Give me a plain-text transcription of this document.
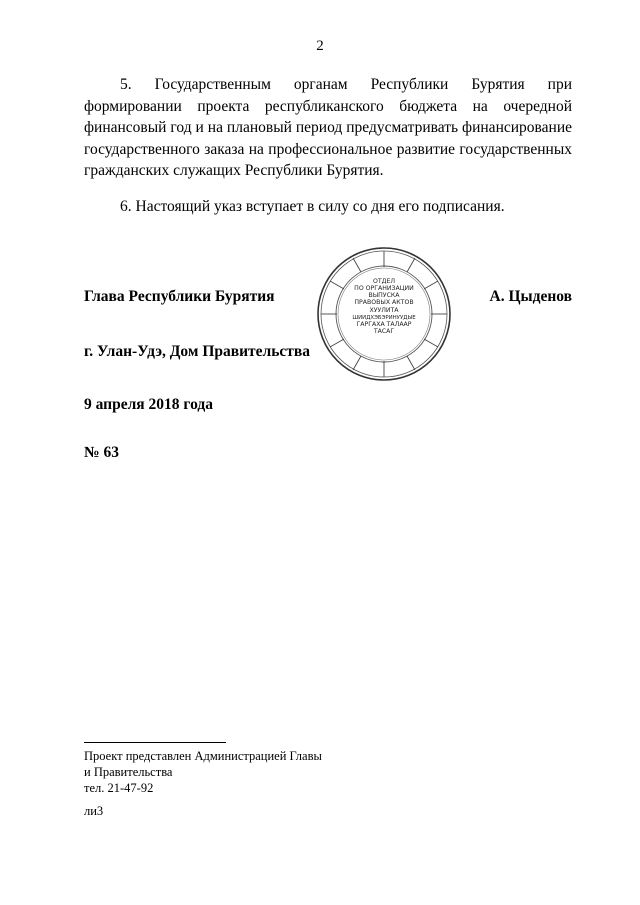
2

5. Государственным органам Республики Бурятия при формировании проекта республиканского бюджета на очередной финансовый год и на плановый период предусматривать финансирование государственного заказа на профессиональное развитие государственных гражданских служащих Республики Бурятия.

6. Настоящий указ вступает в силу со дня его подписания.

Глава Республики Бурятия	А. Цыденов
ОТДЕЛ
ПО ОРГАНИЗАЦИИ
ВЫПУСКА
ПРАВОВЫХ АКТОВ
ХУУЛИТА
ШИИДХЭБЭРИНУУДЫЕ
ГАРГАХА ТАЛААР
ТАСАГ
г. Улан-Удэ, Дом Правительства
9 апреля 2018 года
№ 63
Проект представлен Администрацией Главы
и Правительства
тел. 21-47-92
ли3
